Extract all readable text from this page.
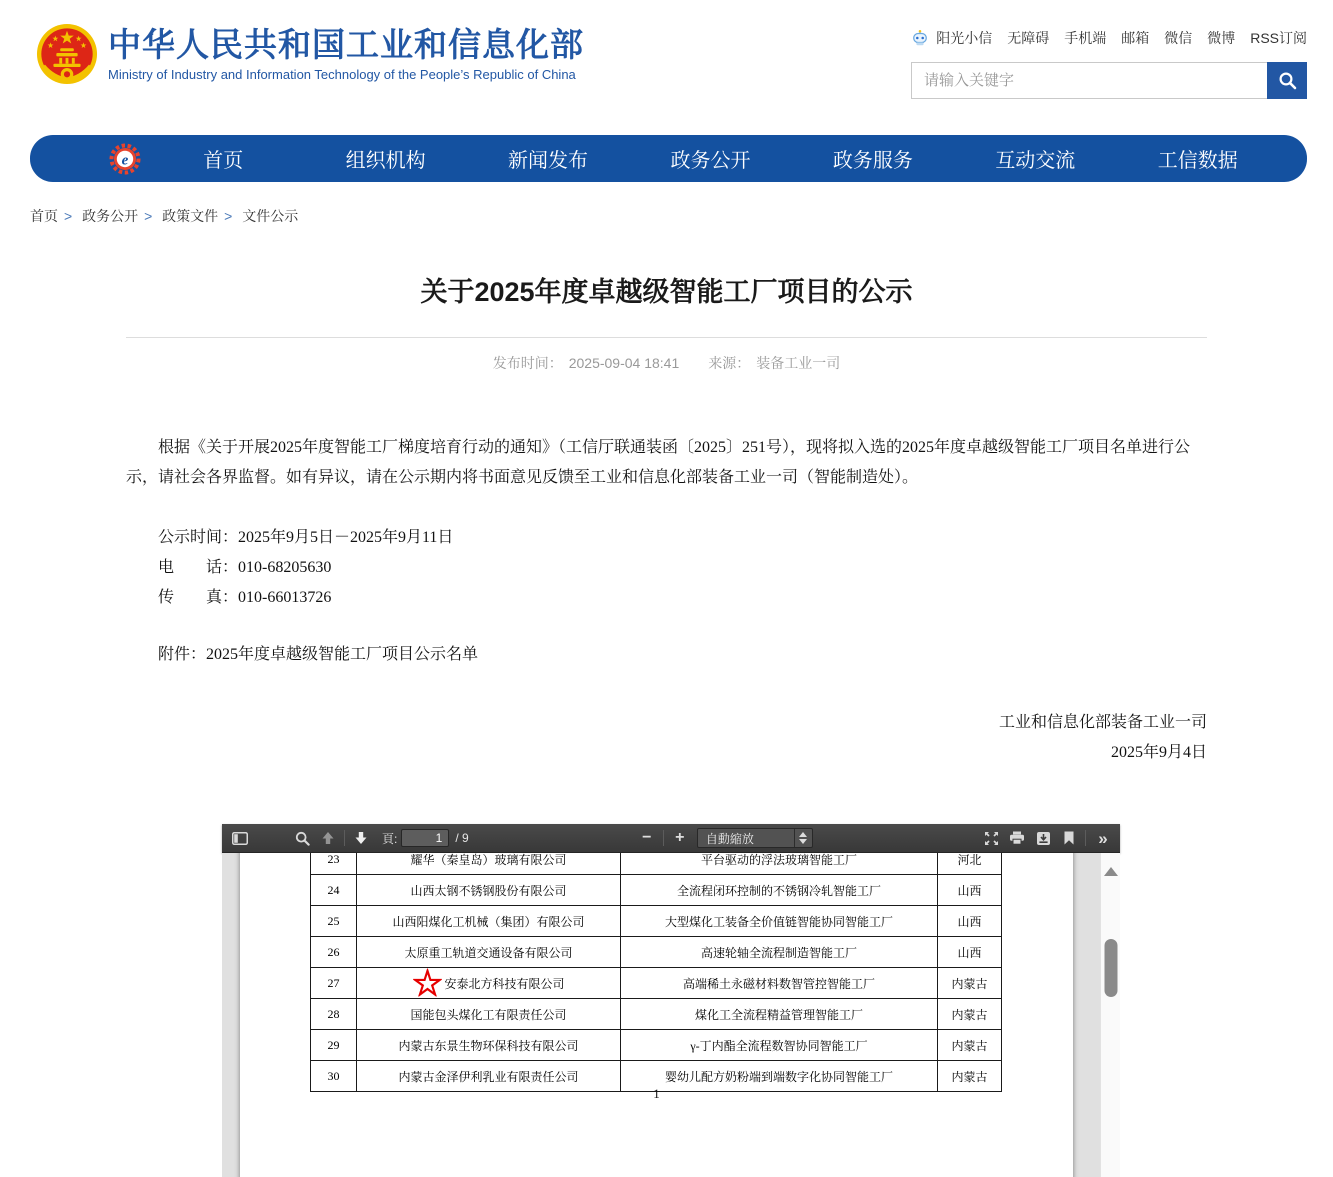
中华人民共和国工业和信息化部
Ministry of Industry and Information Technology of the People’s Republic of China
阳光小信 无障碍 手机端 邮箱 微信 微博 RSS订阅
请输入关键字
e	首页	组织机构	新闻发布	政务公开	政务服务	互动交流	工信数据
首页 > 政务公开 > 政策文件 > 文件公示
关于2025年度卓越级智能工厂项目的公示
发布时间： 2025-09-04 18:41 来源： 装备工业一司

根据《关于开展2025年度智能工厂梯度培育行动的通知》（工信厅联通装函〔2025〕251号），现将拟入选的2025年度卓越级智能工厂项目名单进行公示，请社会各界监督。如有异议，请在公示期内将书面意见反馈至工业和信息化部装备工业一司（智能制造处）。

公示时间：2025年9月5日－2025年9月11日

电　　话：010-68205630

传　　真：010-66013726

附件：2025年度卓越级智能工厂项目公示名单

工业和信息化部装备工业一司

2025年9月4日

頁:
1	/ 9	− + 自動縮放	»
23	耀华（秦皇岛）玻璃有限公司	平台驱动的浮法玻璃智能工厂	河北
24	山西太钢不锈钢股份有限公司	全流程闭环控制的不锈钢冷轧智能工厂	山西
25	山西阳煤化工机械（集团）有限公司	大型煤化工装备全价值链智能协同智能工厂	山西
26	太原重工轨道交通设备有限公司	高速轮轴全流程制造智能工厂	山西
27	☆ 安泰北方科技有限公司	高端稀土永磁材料数智管控智能工厂	内蒙古
28	国能包头煤化工有限责任公司	煤化工全流程精益管理智能工厂	内蒙古
29	内蒙古东景生物环保科技有限公司	γ-丁内酯全流程数智协同智能工厂	内蒙古
30	内蒙古金泽伊利乳业有限责任公司	婴幼儿配方奶粉端到端数字化协同智能工厂	内蒙古
1
